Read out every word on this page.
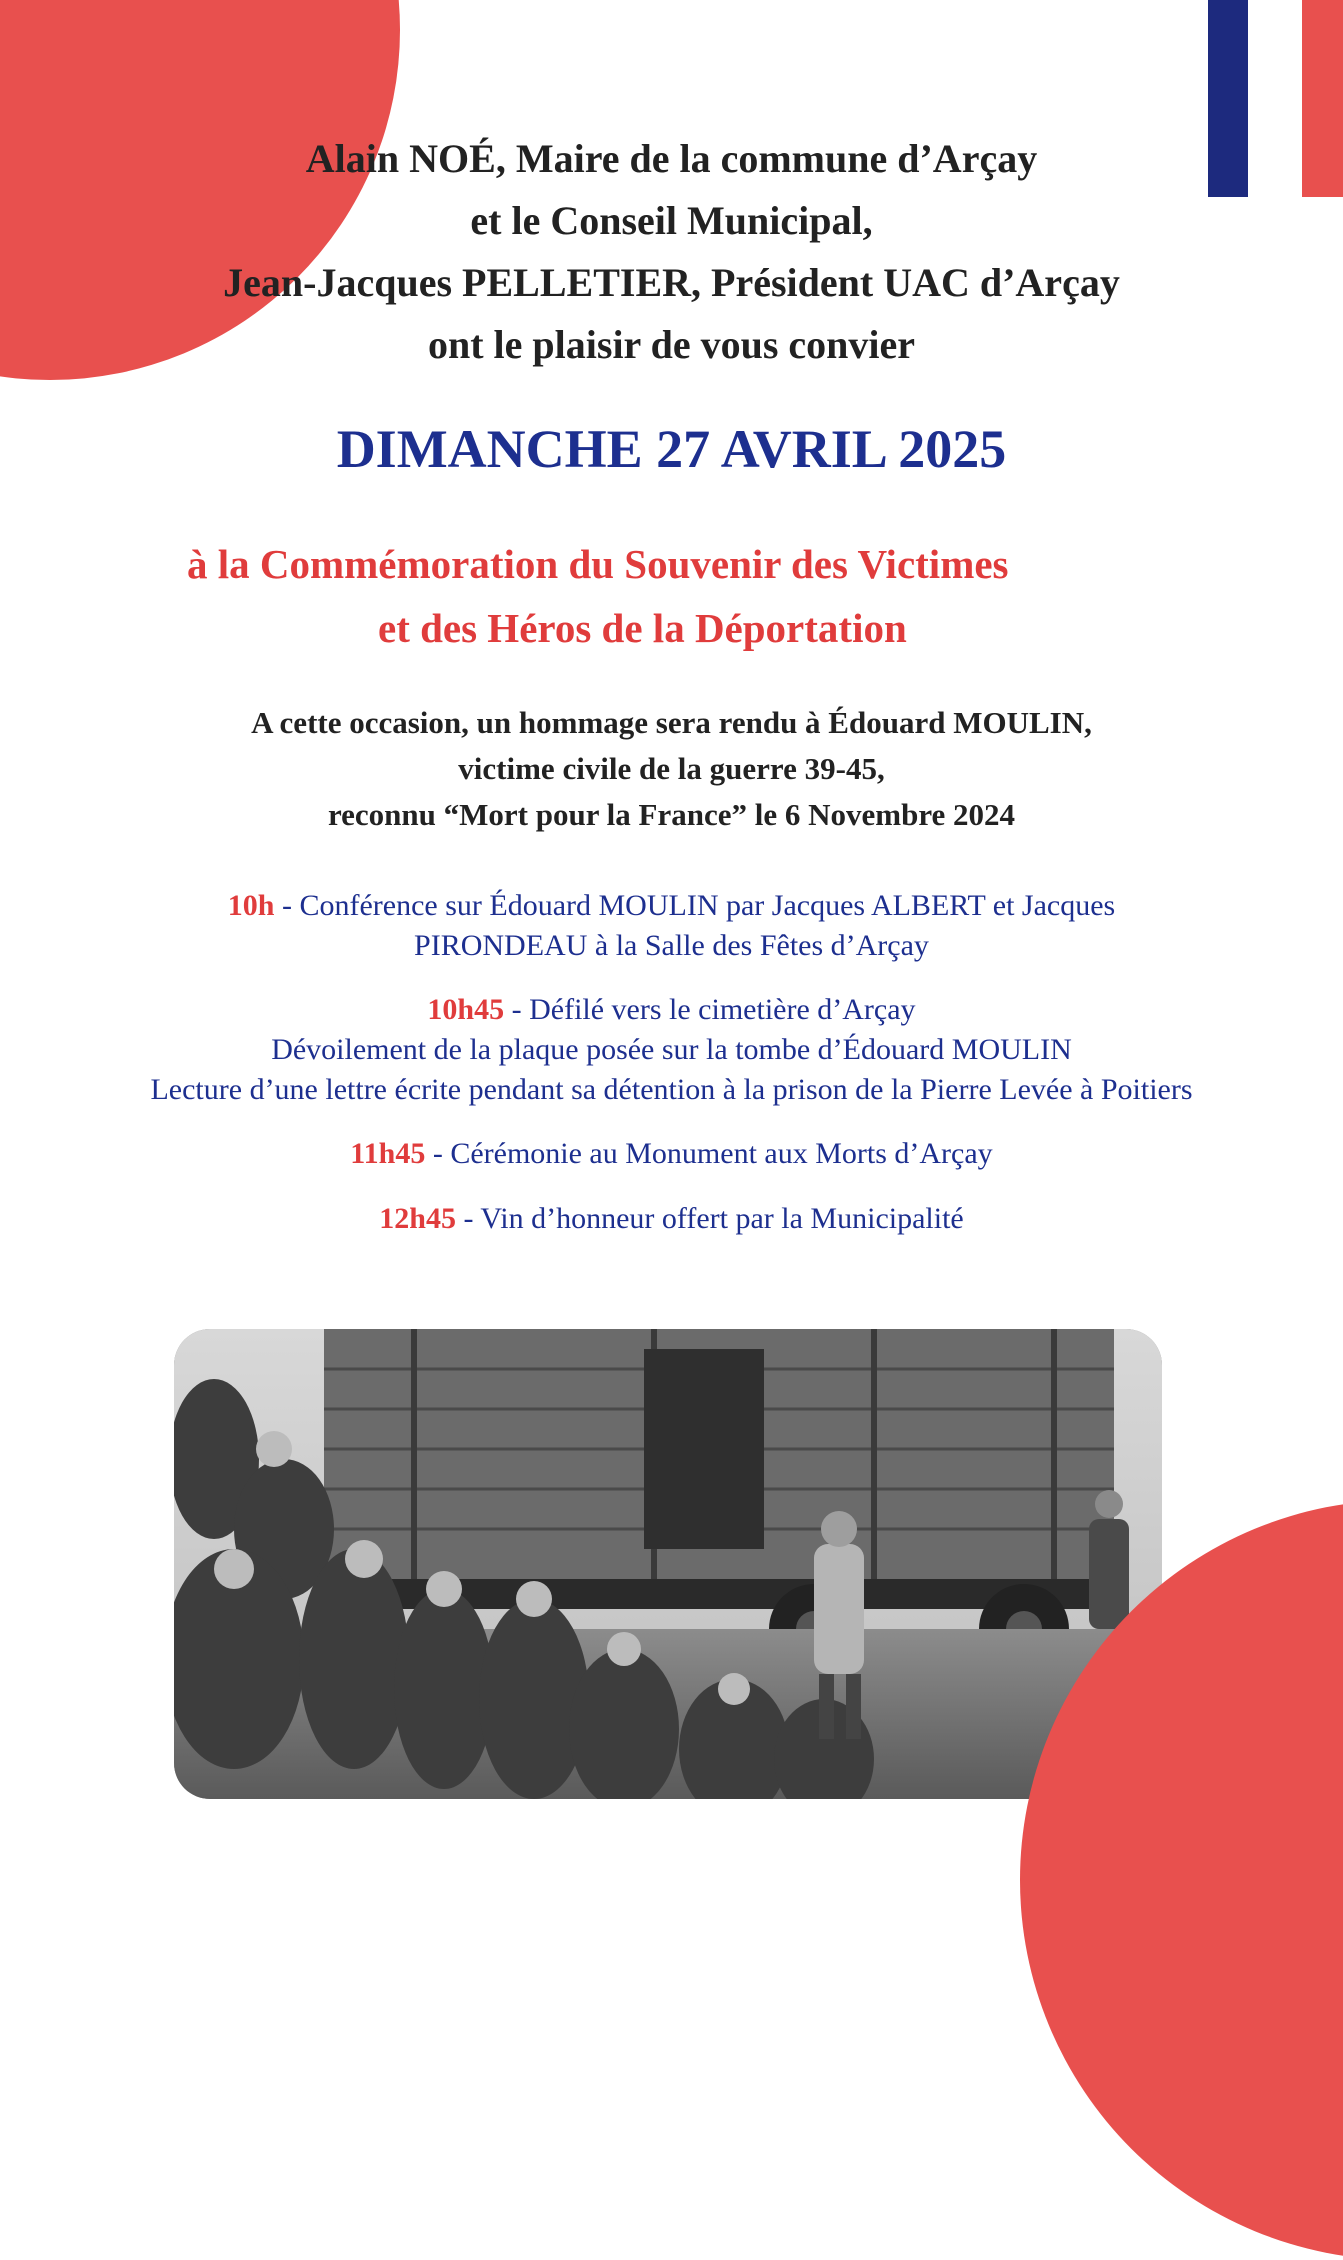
Alain NOÉ, Maire de la commune d’Arçay
et le Conseil Municipal,
Jean-Jacques PELLETIER, Président UAC d’Arçay
ont le plaisir de vous convier
DIMANCHE 27 AVRIL 2025
à la Commémoration du Souvenir des Victimes
et des Héros de la Déportation
A cette occasion, un hommage sera rendu à Édouard MOULIN,
victime civile de la guerre 39-45,
reconnu “Mort pour la France” le 6 Novembre 2024
10h - Conférence sur Édouard MOULIN par Jacques ALBERT et Jacques
PIRONDEAU à la Salle des Fêtes d’Arçay
10h45 - Défilé vers le cimetière d’Arçay
Dévoilement de la plaque posée sur la tombe d’Édouard MOULIN
Lecture d’une lettre écrite pendant sa détention à la prison de la Pierre Levée à Poitiers
11h45 - Cérémonie au Monument aux Morts d’Arçay
12h45 - Vin d’honneur offert par la Municipalité
